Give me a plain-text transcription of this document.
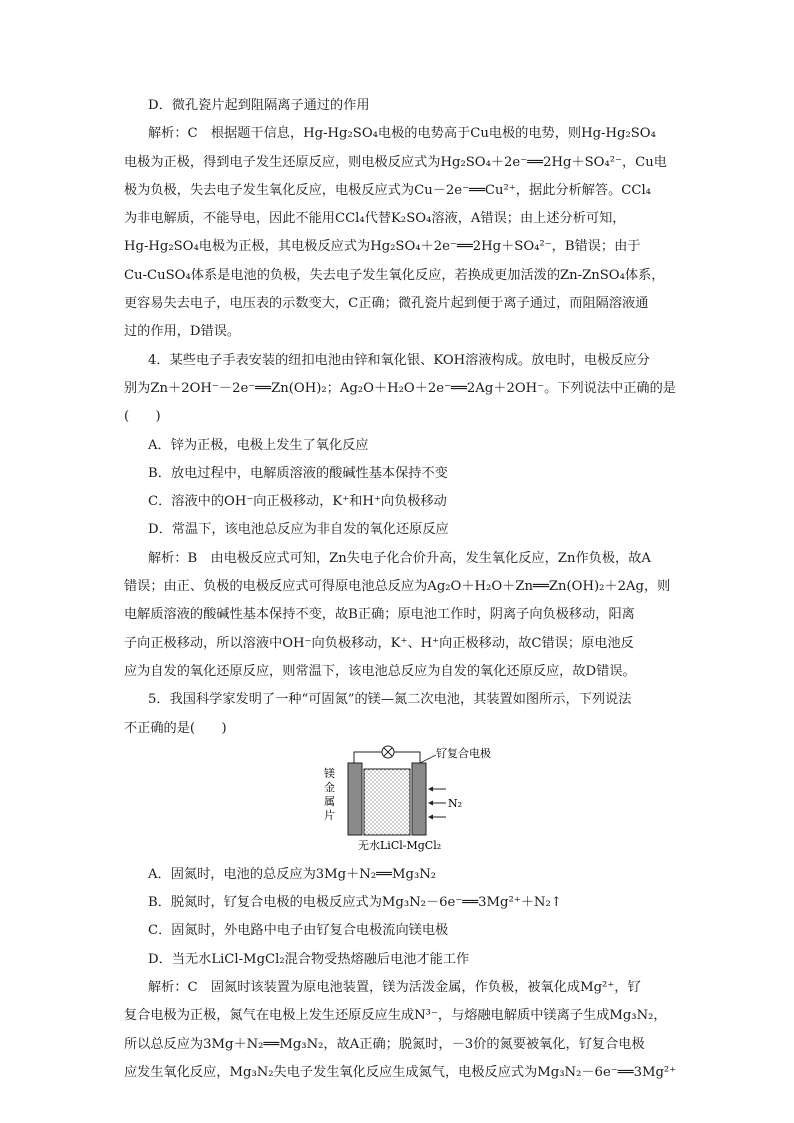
D．微孔瓷片起到阻隔离子通过的作用

解析：C　根据题干信息，Hg-Hg₂SO₄电极的电势高于Cu电极的电势，则Hg-Hg₂SO₄

电极为正极，得到电子发生还原反应，则电极反应式为Hg₂SO₄＋2e⁻══2Hg＋SO₄²⁻，Cu电

极为负极，失去电子发生氧化反应，电极反应式为Cu－2e⁻══Cu²⁺，据此分析解答。CCl₄

为非电解质，不能导电，因此不能用CCl₄代替K₂SO₄溶液，A错误；由上述分析可知，

Hg-Hg₂SO₄电极为正极，其电极反应式为Hg₂SO₄＋2e⁻══2Hg＋SO₄²⁻，B错误；由于

Cu-CuSO₄体系是电池的负极，失去电子发生氧化反应，若换成更加活泼的Zn-ZnSO₄体系，

更容易失去电子，电压表的示数变大，C正确；微孔瓷片起到便于离子通过，而阻隔溶液通

过的作用，D错误。

4．某些电子手表安装的纽扣电池由锌和氧化银、KOH溶液构成。放电时，电极反应分

别为Zn＋2OH⁻－2e⁻══Zn(OH)₂；Ag₂O＋H₂O＋2e⁻══2Ag＋2OH⁻。下列说法中正确的是

(　　)

A．锌为正极，电极上发生了氧化反应

B．放电过程中，电解质溶液的酸碱性基本保持不变

C．溶液中的OH⁻向正极移动，K⁺和H⁺向负极移动

D．常温下，该电池总反应为非自发的氧化还原反应

解析：B　由电极反应式可知，Zn失电子化合价升高，发生氧化反应，Zn作负极，故A

错误；由正、负极的电极反应式可得原电池总反应为Ag₂O＋H₂O＋Zn══Zn(OH)₂＋2Ag，则

电解质溶液的酸碱性基本保持不变，故B正确；原电池工作时，阴离子向负极移动，阳离

子向正极移动，所以溶液中OH⁻向负极移动，K⁺、H⁺向正极移动，故C错误；原电池反

应为自发的氧化还原反应，则常温下，该电池总反应为自发的氧化还原反应，故D错误。

5．我国科学家发明了一种“可固氮”的镁—氮二次电池，其装置如图所示，下列说法

不正确的是(　　)

镁
金
属
片
钌复合电极
N₂
无水LiCl-MgCl₂

A．固氮时，电池的总反应为3Mg＋N₂══Mg₃N₂

B．脱氮时，钌复合电极的电极反应式为Mg₃N₂－6e⁻══3Mg²⁺＋N₂↑

C．固氮时，外电路中电子由钌复合电极流向镁电极

D．当无水LiCl-MgCl₂混合物受热熔融后电池才能工作

解析：C　固氮时该装置为原电池装置，镁为活泼金属，作负极，被氧化成Mg²⁺，钌

复合电极为正极，氮气在电极上发生还原反应生成N³⁻，与熔融电解质中镁离子生成Mg₃N₂，

所以总反应为3Mg＋N₂══Mg₃N₂，故A正确；脱氮时，－3价的氮要被氧化，钌复合电极

应发生氧化反应，Mg₃N₂失电子发生氧化反应生成氮气，电极反应式为Mg₃N₂－6e⁻══3Mg²⁺
